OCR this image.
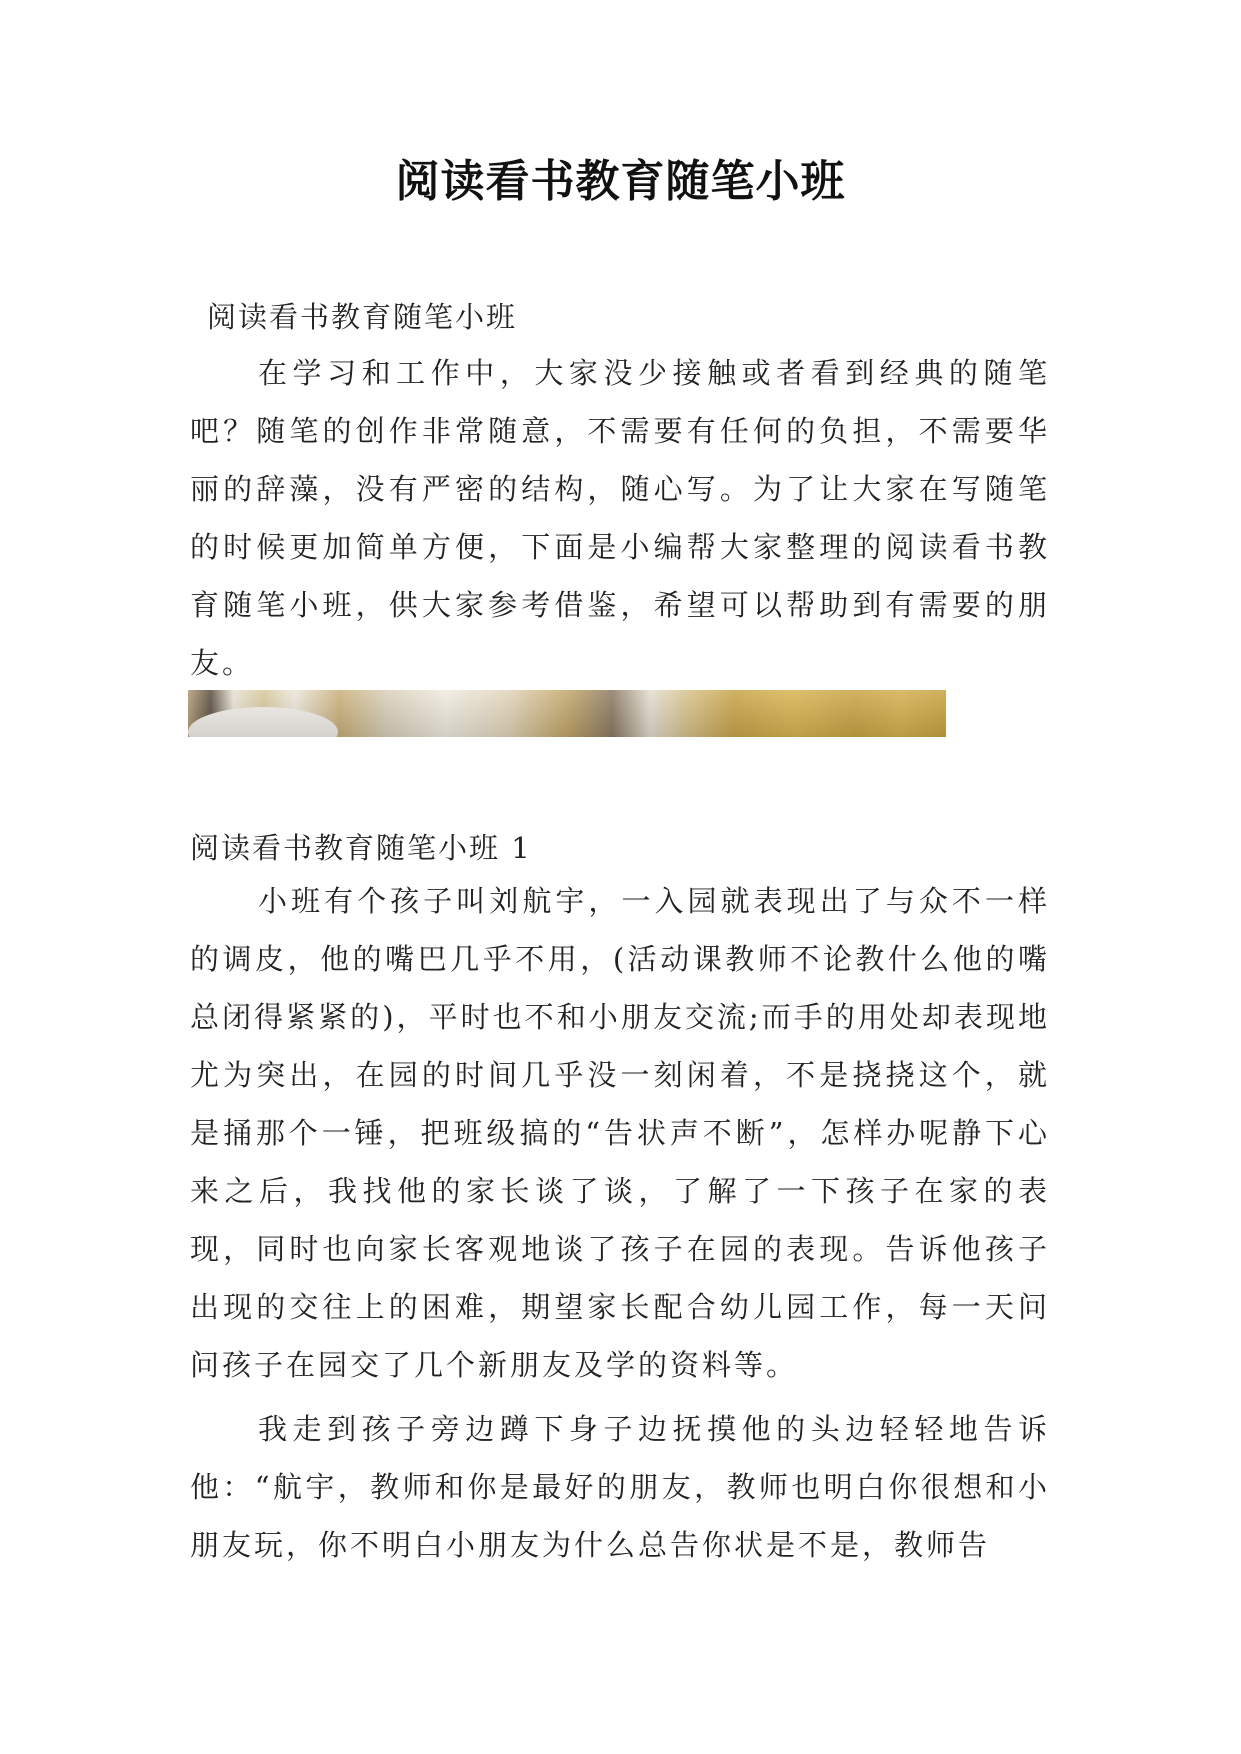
阅读看书教育随笔小班
阅读看书教育随笔小班

在学习和工作中，大家没少接触或者看到经典的随笔吧？随笔的创作非常随意，不需要有任何的负担，不需要华丽的辞藻，没有严密的结构，随心写。为了让大家在写随笔的时候更加简单方便，下面是小编帮大家整理的阅读看书教育随笔小班，供大家参考借鉴，希望可以帮助到有需要的朋友。

阅读看书教育随笔小班 1

小班有个孩子叫刘航宇，一入园就表现出了与众不一样的调皮，他的嘴巴几乎不用，(活动课教师不论教什么他的嘴总闭得紧紧的)，平时也不和小朋友交流;而手的用处却表现地尤为突出，在园的时间几乎没一刻闲着，不是挠挠这个，就是捅那个一锤，把班级搞的“告状声不断”，怎样办呢静下心来之后，我找他的家长谈了谈，了解了一下孩子在家的表现，同时也向家长客观地谈了孩子在园的表现。告诉他孩子出现的交往上的困难，期望家长配合幼儿园工作，每一天问问孩子在园交了几个新朋友及学的资料等。

我走到孩子旁边蹲下身子边抚摸他的头边轻轻地告诉他：“航宇，教师和你是最好的朋友，教师也明白你很想和小朋友玩，你不明白小朋友为什么总告你状是不是，教师告
